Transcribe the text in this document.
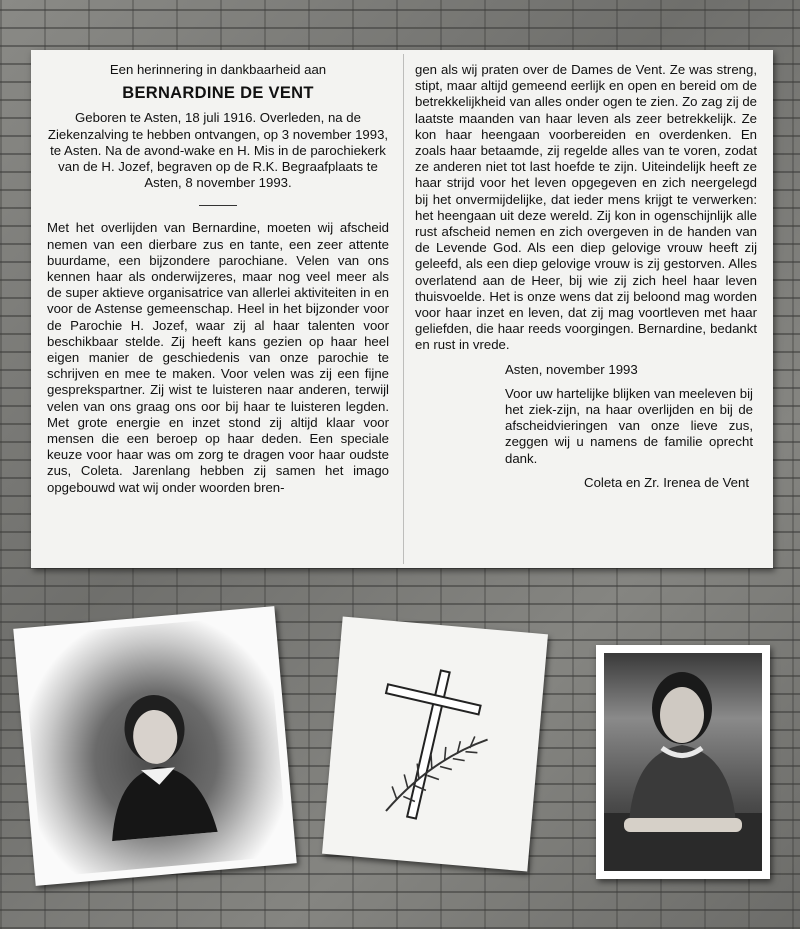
Een herinnering in dankbaarheid aan

BERNARDINE DE VENT

Geboren te Asten, 18 juli 1916. Overleden, na de Ziekenzalving te hebben ontvangen, op 3 november 1993, te Asten. Na de avond-wake en H. Mis in de parochiekerk van de H. Jozef, begraven op de R.K. Begraafplaats te Asten, 8 november 1993.

Met het overlijden van Bernardine, moeten wij afscheid nemen van een dierbare zus en tante, een zeer attente buurdame, een bijzondere parochiane. Velen van ons kennen haar als onderwijzeres, maar nog veel meer als de super aktieve organisatrice van allerlei aktiviteiten in en voor de Astense gemeenschap. Heel in het bijzonder voor de Parochie H. Jozef, waar zij al haar talenten voor beschikbaar stelde. Zij heeft kans gezien op haar heel eigen manier de geschiedenis van onze parochie te schrijven en mee te maken. Voor velen was zij een fijne gesprekspartner. Zij wist te luisteren naar anderen, terwijl velen van ons graag ons oor bij haar te luisteren legden. Met grote energie en inzet stond zij altijd klaar voor mensen die een beroep op haar deden. Een speciale keuze voor haar was om zorg te dragen voor haar oudste zus, Coleta. Jarenlang hebben zij samen het imago opgebouwd wat wij onder woorden bren-

gen als wij praten over de Dames de Vent. Ze was streng, stipt, maar altijd gemeend eerlijk en open en bereid om de betrekkelijkheid van alles onder ogen te zien. Zo zag zij de laatste maanden van haar leven als zeer betrekkelijk. Ze kon haar heengaan voorbereiden en overdenken. En zoals haar betaamde, zij regelde alles van te voren, zodat ze anderen niet tot last hoefde te zijn. Uiteindelijk heeft ze haar strijd voor het leven opgegeven en zich neergelegd bij het onvermijdelijke, dat ieder mens krijgt te verwerken: het heengaan uit deze wereld. Zij kon in ogenschijnlijk alle rust afscheid nemen en zich overgeven in de handen van de Levende God. Als een diep gelovige vrouw heeft zij geleefd, als een diep gelovige vrouw is zij gestorven. Alles overlatend aan de Heer, bij wie zij zich heel haar leven thuisvoelde. Het is onze wens dat zij beloond mag worden voor haar inzet en leven, dat zij mag voortleven met haar geliefden, die haar reeds voorgingen. Bernardine, bedankt en rust in vrede.

Asten, november 1993

Voor uw hartelijke blijken van meeleven bij het ziek-zijn, na haar overlijden en bij de afscheidvieringen van onze lieve zus, zeggen wij u namens de familie oprecht dank.

Coleta en Zr. Irenea de Vent
